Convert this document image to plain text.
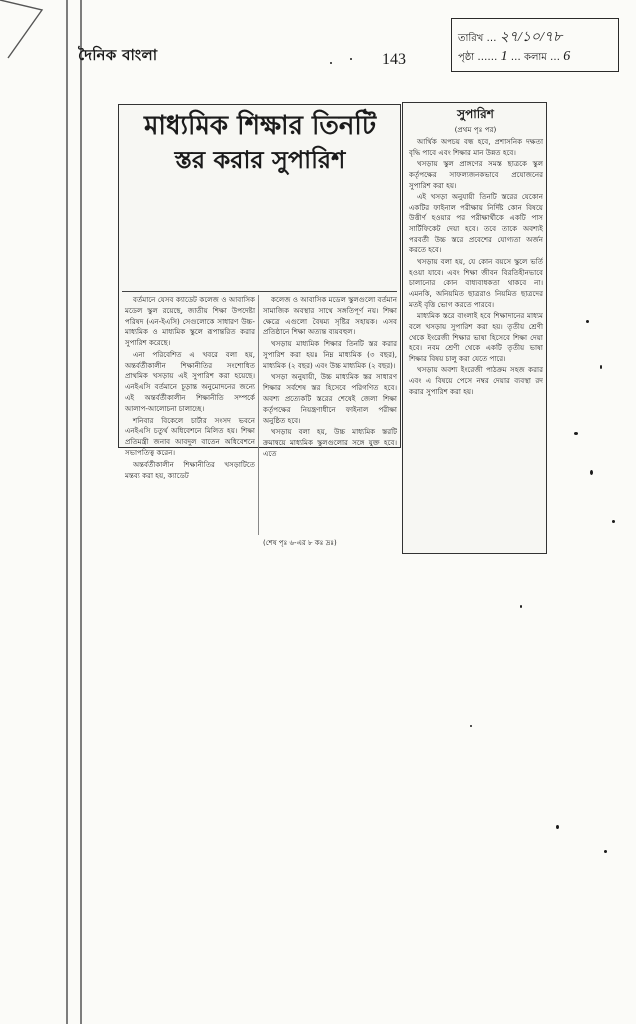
দৈনিক বাংলা	143
তারিখ … ২৭/১০/৭৮
পৃষ্ঠা …… 1 … কলাম … 6
মাধ্যমিক শিক্ষার তিনটি
স্তর করার সুপারিশ

বর্তমানে যেসব ক্যাডেট কলেজ ও আবাসিক মডেল স্কুল রয়েছে, জাতীয় শিক্ষা উপদেষ্টা পরিষদ (এন-ইএসি) সেগুলোকে সাধারণ উচ্চ-মাধ্যমিক ও মাধ্যমিক স্কুলে রূপান্তরিত করার সুপারিশ করেছে।

এনা পরিবেশিত এ খবরে বলা হয়, অন্তর্বর্তীকালীন শিক্ষানীতির সংশোধিত প্রাথমিক খসড়ায় এই সুপারিশ করা হয়েছে। এনইএসি বর্তমানে চূড়ান্ত অনুমোদনের জন্যে এই অন্তর্বর্তীকালীন শিক্ষানীতি সম্পর্কে আলাপ-আলোচনা চালাচ্ছে।

শনিবার বিকেলে চার্টার সংসদ ভবনে এনইএসি চতুর্থ অধিবেশনে মিলিত হয়। শিক্ষা প্রতিমন্ত্রী জনাব আবদুল বাতেন অধিবেশনে সভাপতিত্ব করেন।

অন্তর্বর্তীকালীন শিক্ষানীতির খসড়াটিতে মন্তব্য করা হয়, ক্যাডেট

কলেজ ও আবাসিক মডেল স্কুলগুলো বর্তমান সামাজিক অবস্থার সাথে সঙ্গতিপূর্ণ নয়। শিক্ষা ক্ষেত্রে এগুলো বৈষম্য সৃষ্টির সহায়ক। এসব প্রতিষ্ঠানে শিক্ষা অত্যন্ত ব্যয়বহুল।

খসড়ায় মাধ্যমিক শিক্ষার তিনটি স্তর করার সুপারিশ করা হয়ঃ নিম্ন মাধ্যমিক (৩ বছর), মাধ্যমিক (২ বছর) এবং উচ্চ মাধ্যমিক (২ বছর)।

খসড়া অনুযায়ী, উচ্চ মাধ্যমিক স্তর সাধারণ শিক্ষার সর্বশেষ স্তর হিসেবে পরিগণিত হবে। অবশ্য প্রত্যেকটি স্তরের শেষেই জেলা শিক্ষা কর্তৃপক্ষের নিয়ন্ত্রণাধীনে ফাইনাল পরীক্ষা অনুষ্ঠিত হবে।

খসড়ায় বলা হয়, উচ্চ মাধ্যমিক স্তরটি ক্রমান্বয়ে মাধ্যমিক স্কুলগুলোর সঙ্গে যুক্ত হবে। এতে

(শেষ পৃঃ ৬-এর ৮ কঃ দ্রঃ)
সুপারিশ
(প্রথম পৃঃ পর)

আর্থিক অপচয় বন্ধ হবে, প্রশাসনিক দক্ষতা বৃদ্ধি পাবে এবং শিক্ষার মান উন্নত হবে।

খসড়ায় স্কুল প্রাঙ্গণের সমস্ত ছাত্রকে স্কুল কর্তৃপক্ষের সাফল্যজনকভাবে প্রযোজনের সুপারিশ করা হয়।

এই খসড়া অনুযায়ী তিনটি স্তরের যেকোন একটির ফাইনাল পরীক্ষায় নির্দিষ্ট কোন বিষয়ে উত্তীর্ণ হওয়ার পর পরীক্ষার্থীকে একটি পাস সার্টিফিকেট দেয়া হবে। তবে তাকে অবশ্যই পরবর্তী উচ্চ স্তরে প্রবেশের যোগ্যতা অর্জন করতে হবে।

খসড়ায় বলা হয়, যে কোন বয়সে স্কুলে ভর্তি হওয়া যাবে। এবং শিক্ষা জীবন বিরতিহীনভাবে চালানোর কোন বাধ্যবাধকতা থাকবে না। এমনকি, অনিয়মিত ছাত্ররাও নিয়মিত ছাত্রদের মতই বৃত্তি ভোগ করতে পারবে।

মাধ্যমিক স্তরে বাংলাই হবে শিক্ষাদানের মাধ্যম বলে খসড়ায় সুপারিশ করা হয়। তৃতীয় শ্রেণী থেকে ইংরেজী শিক্ষার ভাষা হিসেবে শিক্ষা দেয়া হবে। নবম শ্রেণী থেকে একটি তৃতীয় ভাষা শিক্ষার বিষয় চালু করা যেতে পারে।

খসড়ায় অবশ্য ইংরেজী পাঠক্রম সহজ করার এবং এ বিষয়ে পেসে নম্বর দেয়ার ব্যবস্থা রদ করার সুপারিশ করা হয়।
